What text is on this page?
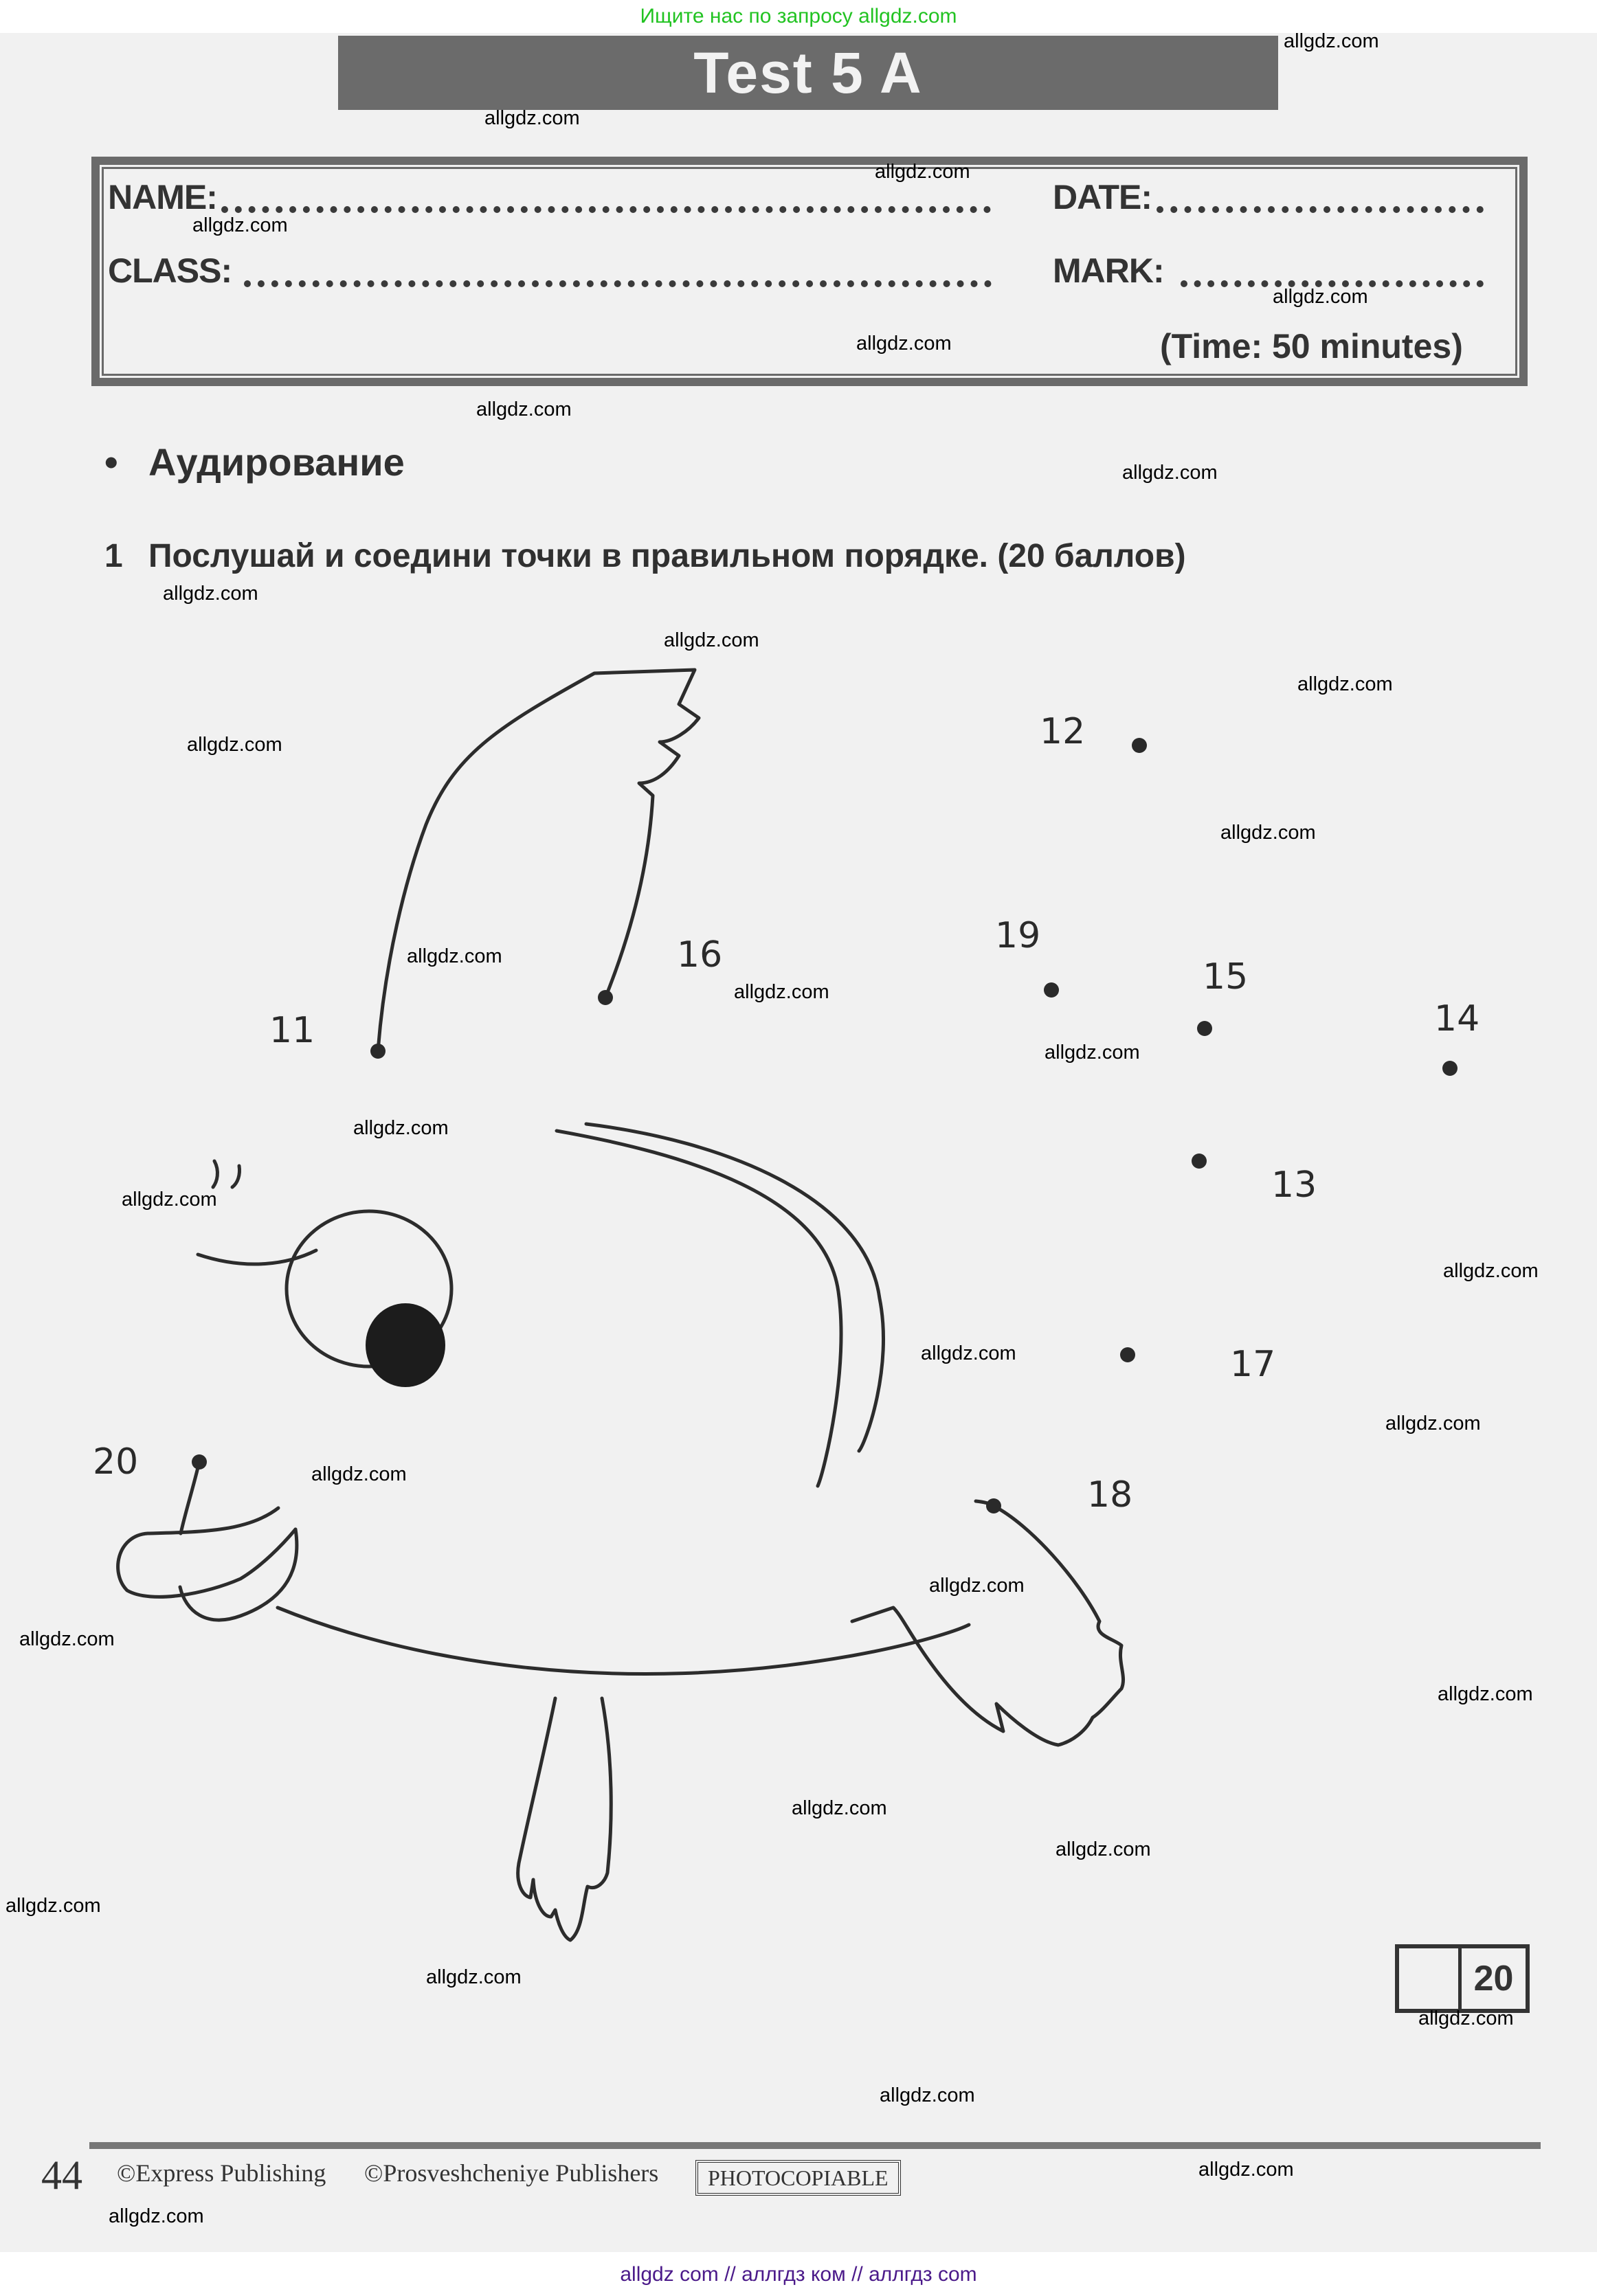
Ищите нас по запросу allgdz.com
Test 5 A
NAME:	DATE:
CLASS:	MARK:
(Time: 50 minutes)
• Аудирование
1 Послушай и соедини точки в правильном порядке. (20 баллов)
11
12
13
14
15
16
17
18
19
20
20
44 ©Express Publishing ©Prosveshcheniye Publishers	PHOTOCOPIABLE
allgdz.com
allgdz.com
allgdz.com
allgdz.com
allgdz.com
allgdz.com
allgdz.com
allgdz.com
allgdz.com
allgdz.com
allgdz.com
allgdz.com
allgdz.com
allgdz.com
allgdz.com
allgdz.com
allgdz.com
allgdz.com
allgdz.com
allgdz.com
allgdz.com
allgdz.com
allgdz.com
allgdz.com
allgdz.com
allgdz.com
allgdz.com
allgdz.com
allgdz.com
allgdz.com
allgdz.com
allgdz.com
allgdz.com
allgdz com // аллгдз ком // аллгдз com
